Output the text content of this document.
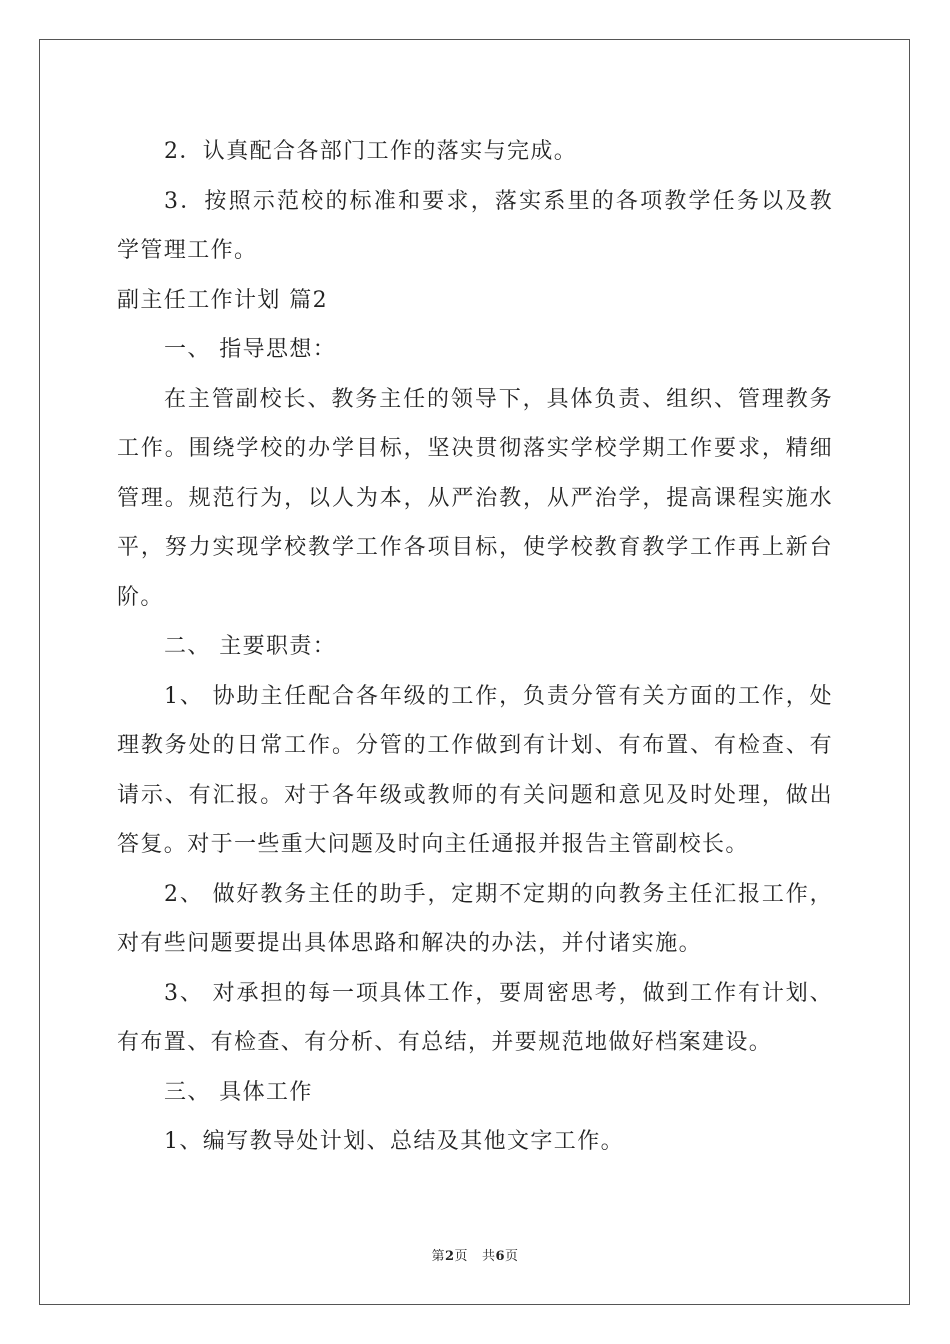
2．认真配合各部门工作的落实与完成。

3．按照示范校的标准和要求，落实系里的各项教学任务以及教学管理工作。

副主任工作计划 篇2

一、 指导思想：

在主管副校长、教务主任的领导下，具体负责、组织、管理教务工作。围绕学校的办学目标，坚决贯彻落实学校学期工作要求，精细管理。规范行为，以人为本，从严治教，从严治学，提高课程实施水平，努力实现学校教学工作各项目标，使学校教育教学工作再上新台阶。

二、 主要职责：

1、 协助主任配合各年级的工作，负责分管有关方面的工作，处理教务处的日常工作。分管的工作做到有计划、有布置、有检查、有请示、有汇报。对于各年级或教师的有关问题和意见及时处理，做出答复。对于一些重大问题及时向主任通报并报告主管副校长。

2、 做好教务主任的助手，定期不定期的向教务主任汇报工作，对有些问题要提出具体思路和解决的办法，并付诸实施。

3、 对承担的每一项具体工作，要周密思考，做到工作有计划、有布置、有检查、有分析、有总结，并要规范地做好档案建设。

三、 具体工作

1、编写教导处计划、总结及其他文字工作。

第2页 共6页
